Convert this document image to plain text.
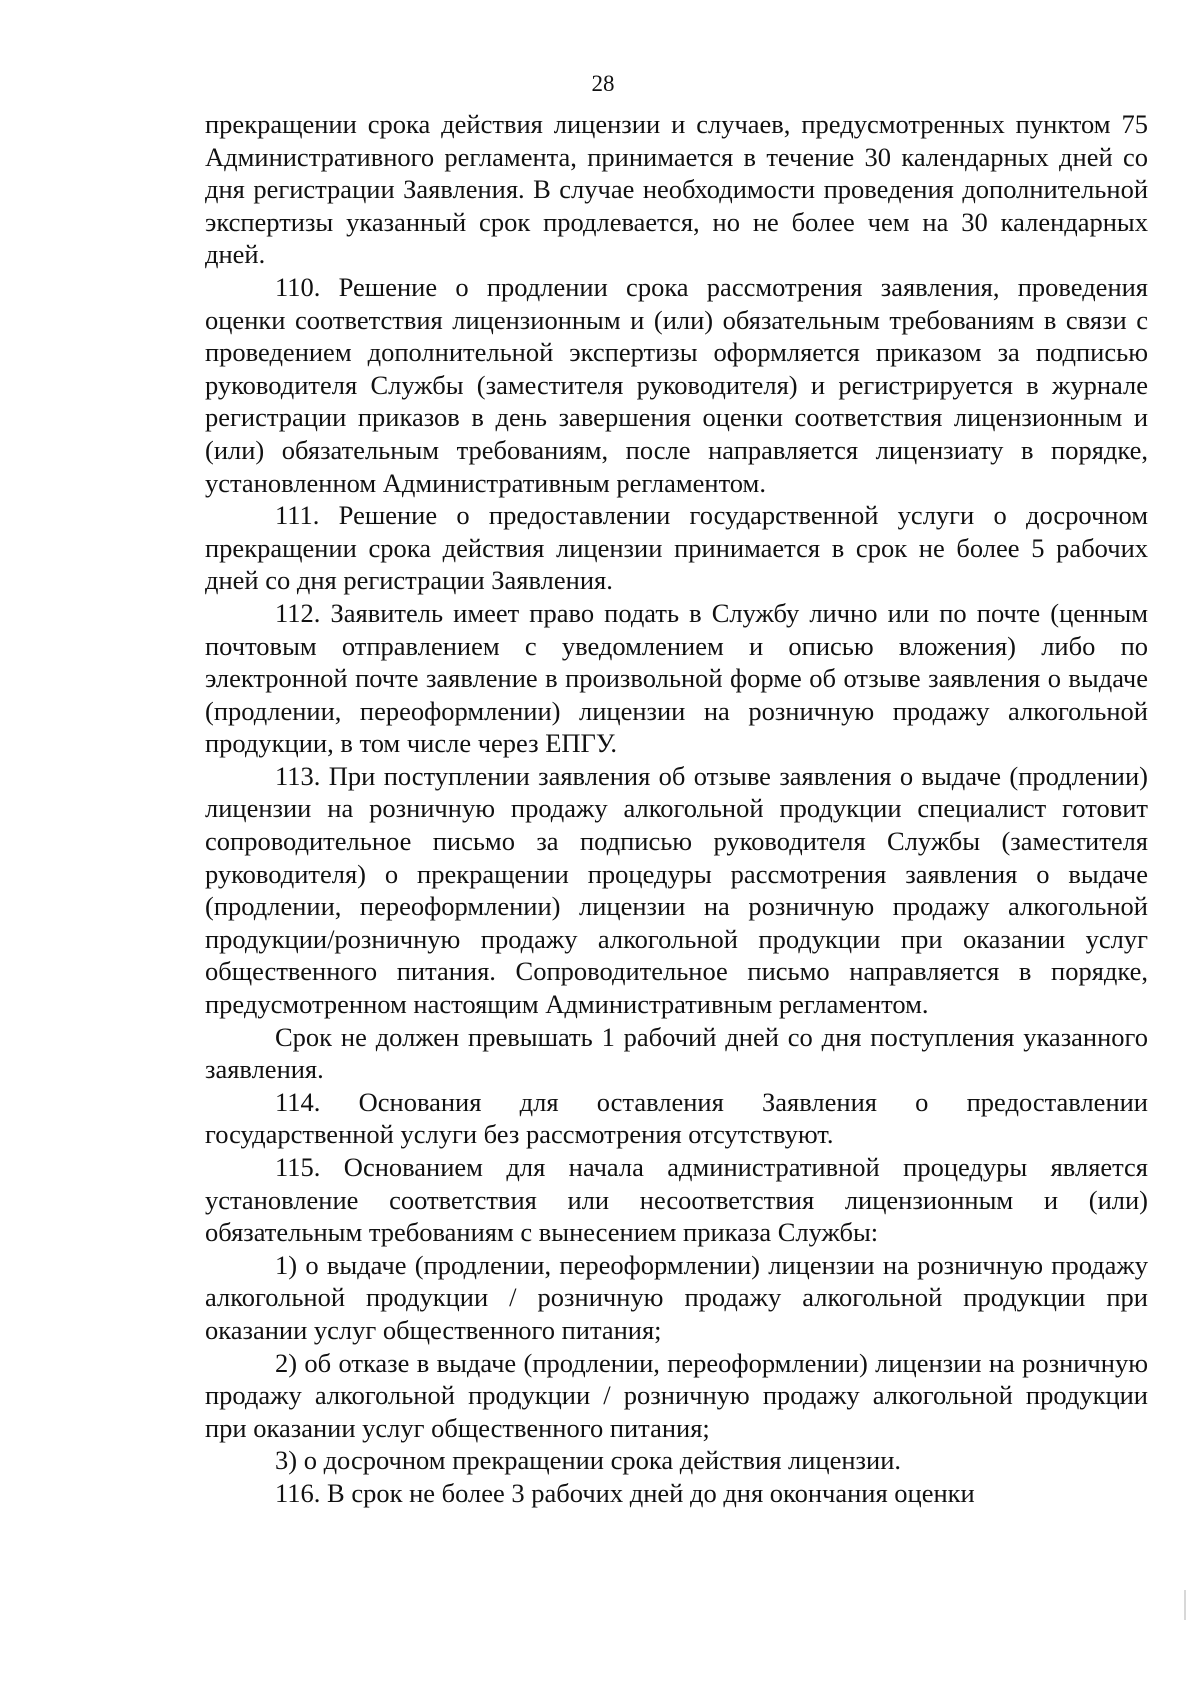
28

прекращении срока действия лицензии и случаев, предусмотренных пунктом 75 Административного регламента, принимается в течение 30 календарных дней со дня регистрации Заявления. В случае необходимости проведения дополнительной экспертизы указанный срок продлевается, но не более чем на 30 календарных дней.

110. Решение о продлении срока рассмотрения заявления, проведения оценки соответствия лицензионным и (или) обязательным требованиям в связи с проведением дополнительной экспертизы оформляется приказом за подписью руководителя Службы (заместителя руководителя) и регистрируется в журнале регистрации приказов в день завершения оценки соответствия лицензионным и (или) обязательным требованиям, после направляется лицензиату в порядке, установленном Административным регламентом.

111. Решение о предоставлении государственной услуги о досрочном прекращении срока действия лицензии принимается в срок не более 5 рабочих дней со дня регистрации Заявления.

112. Заявитель имеет право подать в Службу лично или по почте (ценным почтовым отправлением с уведомлением и описью вложения) либо по электронной почте заявление в произвольной форме об отзыве заявления о выдаче (продлении, переоформлении) лицензии на розничную продажу алкогольной продукции, в том числе через ЕПГУ.

113. При поступлении заявления об отзыве заявления о выдаче (продлении) лицензии на розничную продажу алкогольной продукции специалист готовит сопроводительное письмо за подписью руководителя Службы (заместителя руководителя) о прекращении процедуры рассмотрения заявления о выдаче (продлении, переоформлении) лицензии на розничную продажу алкогольной продукции/розничную продажу алкогольной продукции при оказании услуг общественного питания. Сопроводительное письмо направляется в порядке, предусмотренном настоящим Административным регламентом.

Срок не должен превышать 1 рабочий дней со дня поступления указанного заявления.

114. Основания для оставления Заявления о предоставлении государственной услуги без рассмотрения отсутствуют.

115. Основанием для начала административной процедуры является установление соответствия или несоответствия лицензионным и (или) обязательным требованиям с вынесением приказа Службы:

1) о выдаче (продлении, переоформлении) лицензии на розничную продажу алкогольной продукции / розничную продажу алкогольной продукции при оказании услуг общественного питания;

2) об отказе в выдаче (продлении, переоформлении) лицензии на розничную продажу алкогольной продукции / розничную продажу алкогольной продукции при оказании услуг общественного питания;

3) о досрочном прекращении срока действия лицензии.

116. В срок не более 3 рабочих дней до дня окончания оценки
